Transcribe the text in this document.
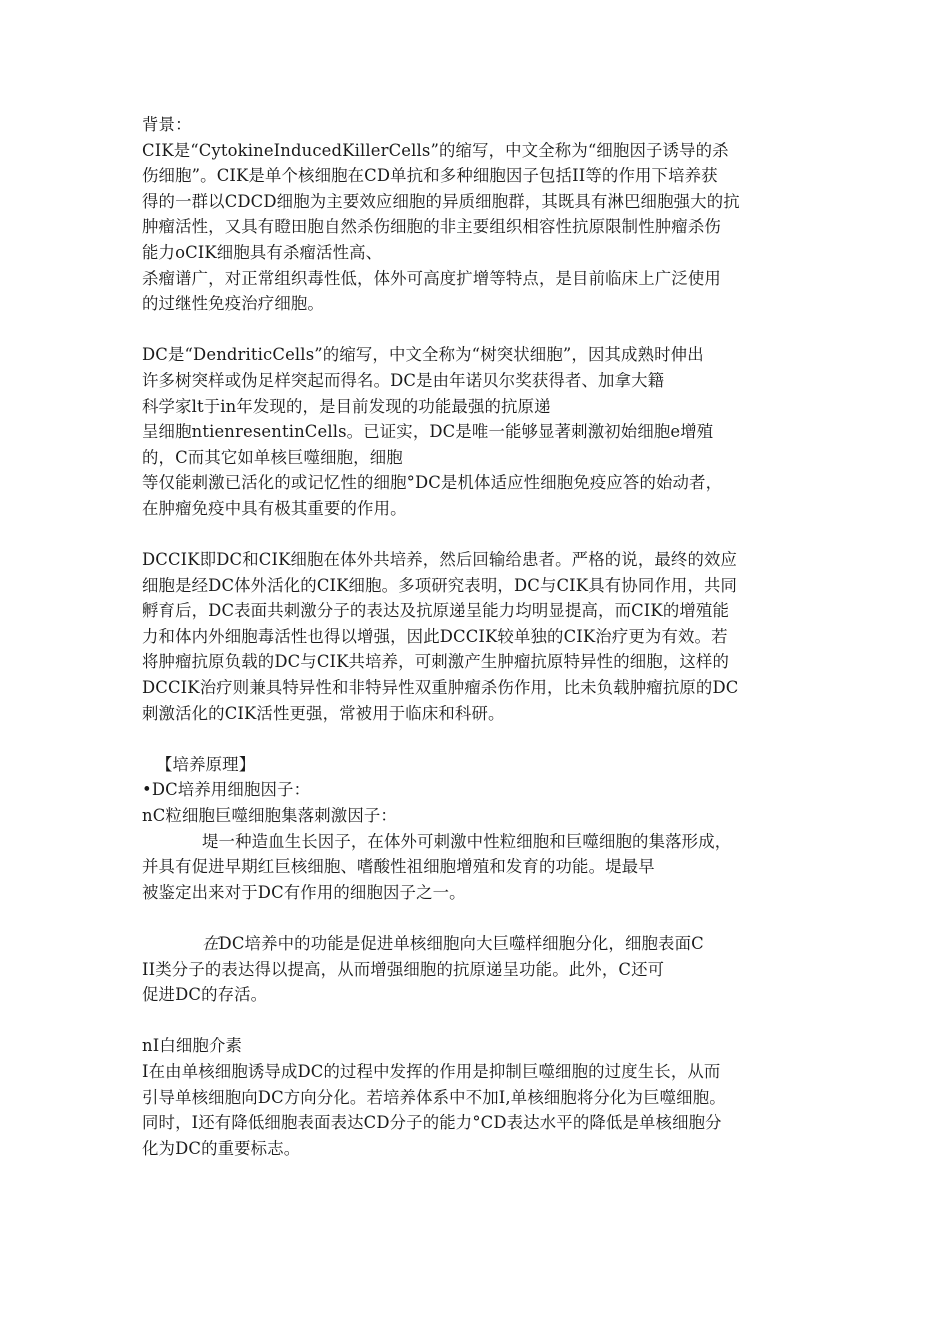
背景：
CIK是“CytokineInducedKillerCells”的缩写，中文全称为“细胞因子诱导的杀
伤细胞”。CIK是单个核细胞在CD单抗和多种细胞因子包括II等的作用下培养获
得的一群以CDCD细胞为主要效应细胞的异质细胞群，其既具有淋巴细胞强大的抗
肿瘤活性，又具有瞪田胞自然杀伤细胞的非主要组织相容性抗原限制性肿瘤杀伤
能力oCIK细胞具有杀瘤活性高、
杀瘤谱广，对正常组织毒性低，体外可高度扩增等特点，是目前临床上广泛使用
的过继性免疫治疗细胞。
DC是“DendriticCells”的缩写，中文全称为“树突状细胞”，因其成熟时伸出
许多树突样或伪足样突起而得名。DC是由年诺贝尔奖获得者、加拿大籍
科学家lt于in年发现的，是目前发现的功能最强的抗原递
呈细胞ntienresentinCells。已证实，DC是唯一能够显著刺激初始细胞e增殖
的，C而其它如单核巨噬细胞，细胞
等仅能刺激已活化的或记忆性的细胞°DC是机体适应性细胞免疫应答的始动者，
在肿瘤免疫中具有极其重要的作用。
DCCIK即DC和CIK细胞在体外共培养，然后回输给患者。严格的说，最终的效应
细胞是经DC体外活化的CIK细胞。多项研究表明，DC与CIK具有协同作用，共同
孵育后，DC表面共刺激分子的表达及抗原递呈能力均明显提高，而CIK的增殖能
力和体内外细胞毒活性也得以增强，因此DCCIK较单独的CIK治疗更为有效。若
将肿瘤抗原负载的DC与CIK共培养，可刺激产生肿瘤抗原特异性的细胞，这样的
DCCIK治疗则兼具特异性和非特异性双重肿瘤杀伤作用，比未负载肿瘤抗原的DC
刺激活化的CIK活性更强，常被用于临床和科研。
【培养原理】
•DC培养用细胞因子：
nC粒细胞巨噬细胞集落刺激因子：
堤一种造血生长因子，在体外可刺激中性粒细胞和巨噬细胞的集落形成，
并具有促进早期红巨核细胞、嗜酸性祖细胞增殖和发育的功能。堤最早
被鉴定出来对于DC有作用的细胞因子之一。
在DC培养中的功能是促进单核细胞向大巨噬样细胞分化，细胞表面C
II类分子的表达得以提高，从而增强细胞的抗原递呈功能。此外，C还可
促进DC的存活。
nI白细胞介素
I在由单核细胞诱导成DC的过程中发挥的作用是抑制巨噬细胞的过度生长，从而
引导单核细胞向DC方向分化。若培养体系中不加I,单核细胞将分化为巨噬细胞。
同时，I还有降低细胞表面表达CD分子的能力°CD表达水平的降低是单核细胞分
化为DC的重要标志。
